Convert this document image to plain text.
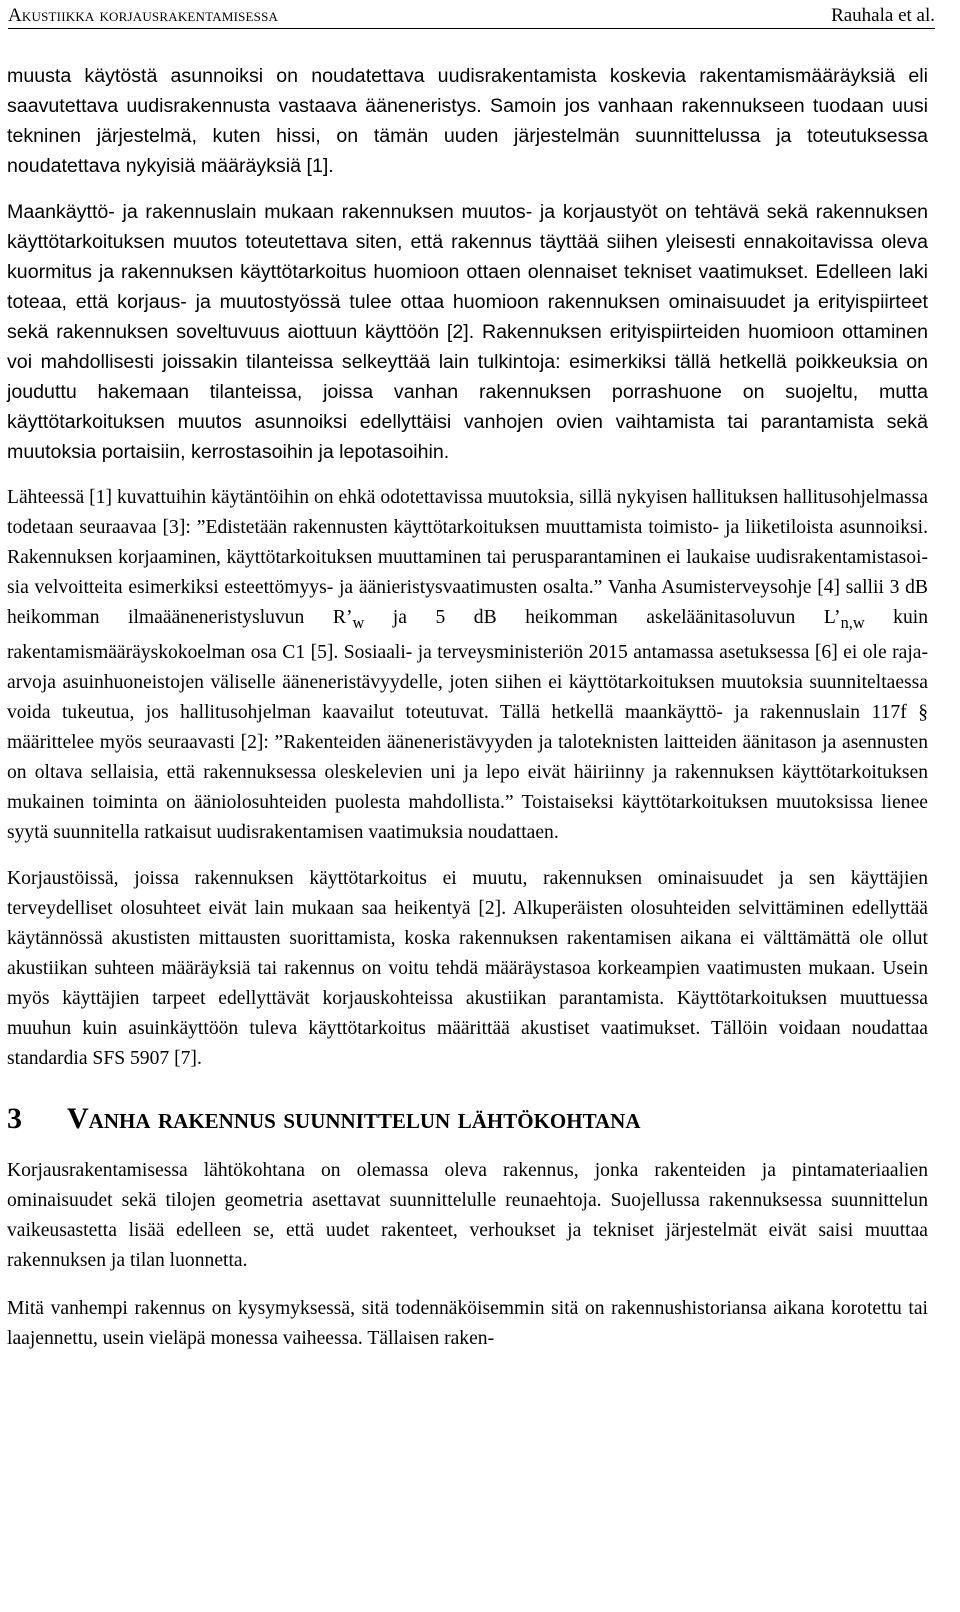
Akustiikka korjausrakentamisessa	Rauhala et al.

muusta käytöstä asunnoiksi on noudatettava uudisrakentamista koskevia rakentamismääräyksiä eli saavutettava uudisrakennusta vastaava ääneneristys. Samoin jos vanhaan rakennukseen tuodaan uusi tekninen järjestelmä, kuten hissi, on tämän uuden järjestelmän suunnittelussa ja toteutuksessa noudatettava nykyisiä määräyksiä [1].

Maankäyttö- ja rakennuslain mukaan rakennuksen muutos- ja korjaustyöt on tehtävä sekä rakennuksen käyttötarkoituksen muutos toteutettava siten, että rakennus täyttää siihen yleisesti ennakoitavissa oleva kuormitus ja rakennuksen käyttötarkoitus huomioon ottaen olennaiset tekniset vaatimukset. Edelleen laki toteaa, että korjaus- ja muutostyössä tulee ottaa huomioon rakennuksen ominaisuudet ja erityispiirteet sekä rakennuksen soveltuvuus aiottuun käyttöön [2]. Rakennuksen erityispiirteiden huomioon ottaminen voi mahdollisesti joissakin tilanteissa selkeyttää lain tulkintoja: esimerkiksi tällä hetkellä poikkeuksia on jouduttu hakemaan tilanteissa, joissa vanhan rakennuksen porrashuone on suojeltu, mutta käyttötarkoituksen muutos asunnoiksi edellyttäisi vanhojen ovien vaihtamista tai parantamista sekä muutoksia portaisiin, kerrostasoihin ja lepotasoihin.

Lähteessä [1] kuvattuihin käytäntöihin on ehkä odotettavissa muutoksia, sillä nykyisen hallituksen hallitusohjelmassa todetaan seuraavaa [3]: ”Edistetään rakennusten käyttötarkoituksen muuttamista toimisto- ja liiketiloista asunnoiksi. Rakennuksen korjaaminen, käyttötarkoituksen muuttaminen tai perusparantaminen ei laukaise uudisrakentamistasoisia velvoitteita esimerkiksi esteettömyys- ja äänieristysvaatimusten osalta.” Vanha Asumisterveysohje [4] sallii 3 dB heikomman ilmaääneneristysluvun $R’_w$ ja 5 dB heikomman askeläänitasoluvun $L’_{n,w}$ kuin rakentamismääräyskokoelman osa C1 [5]. Sosiaali- ja terveysministeriön 2015 antamassa asetuksessa [6] ei ole raja-arvoja asuinhuoneistojen väliselle ääneneristävyydelle, joten siihen ei käyttötarkoituksen muutoksia suunniteltaessa voida tukeutua, jos hallitusohjelman kaavailut toteutuvat. Tällä hetkellä maankäyttö- ja rakennuslain 117f § määrittelee myös seuraavasti [2]: ”Rakenteiden ääneneristävyyden ja taloteknisten laitteiden äänitason ja asennusten on oltava sellaisia, että rakennuksessa oleskelevien uni ja lepo eivät häiriinny ja rakennuksen käyttötarkoituksen mukainen toiminta on ääniolosuhteiden puolesta mahdollista.” Toistaiseksi käyttötarkoituksen muutoksissa lienee syytä suunnitella ratkaisut uudisrakentamisen vaatimuksia noudattaen.

Korjaustöissä, joissa rakennuksen käyttötarkoitus ei muutu, rakennuksen ominaisuudet ja sen käyttäjien terveydelliset olosuhteet eivät lain mukaan saa heikentyä [2]. Alkuperäisten olosuhteiden selvittäminen edellyttää käytännössä akustisten mittausten suorittamista, koska rakennuksen rakentamisen aikana ei välttämättä ole ollut akustiikan suhteen määräyksiä tai rakennus on voitu tehdä määräystasoa korkeampien vaatimusten mukaan. Usein myös käyttäjien tarpeet edellyttävät korjauskohteissa akustiikan parantamista. Käyttötarkoituksen muuttuessa muuhun kuin asuinkäyttöön tuleva käyttötarkoitus määrittää akustiset vaatimukset. Tällöin voidaan noudattaa standardia SFS 5907 [7].

3 Vanha rakennus suunnittelun lähtökohtana

Korjausrakentamisessa lähtökohtana on olemassa oleva rakennus, jonka rakenteiden ja pintamateriaalien ominaisuudet sekä tilojen geometria asettavat suunnittelulle reunaehtoja. Suojellussa rakennuksessa suunnittelun vaikeusastetta lisää edelleen se, että uudet rakenteet, verhoukset ja tekniset järjestelmät eivät saisi muuttaa rakennuksen ja tilan luonnetta.

Mitä vanhempi rakennus on kysymyksessä, sitä todennäköisemmin sitä on rakennushistoriansa aikana korotettu tai laajennettu, usein vieläpä monessa vaiheessa. Tällaisen raken-
